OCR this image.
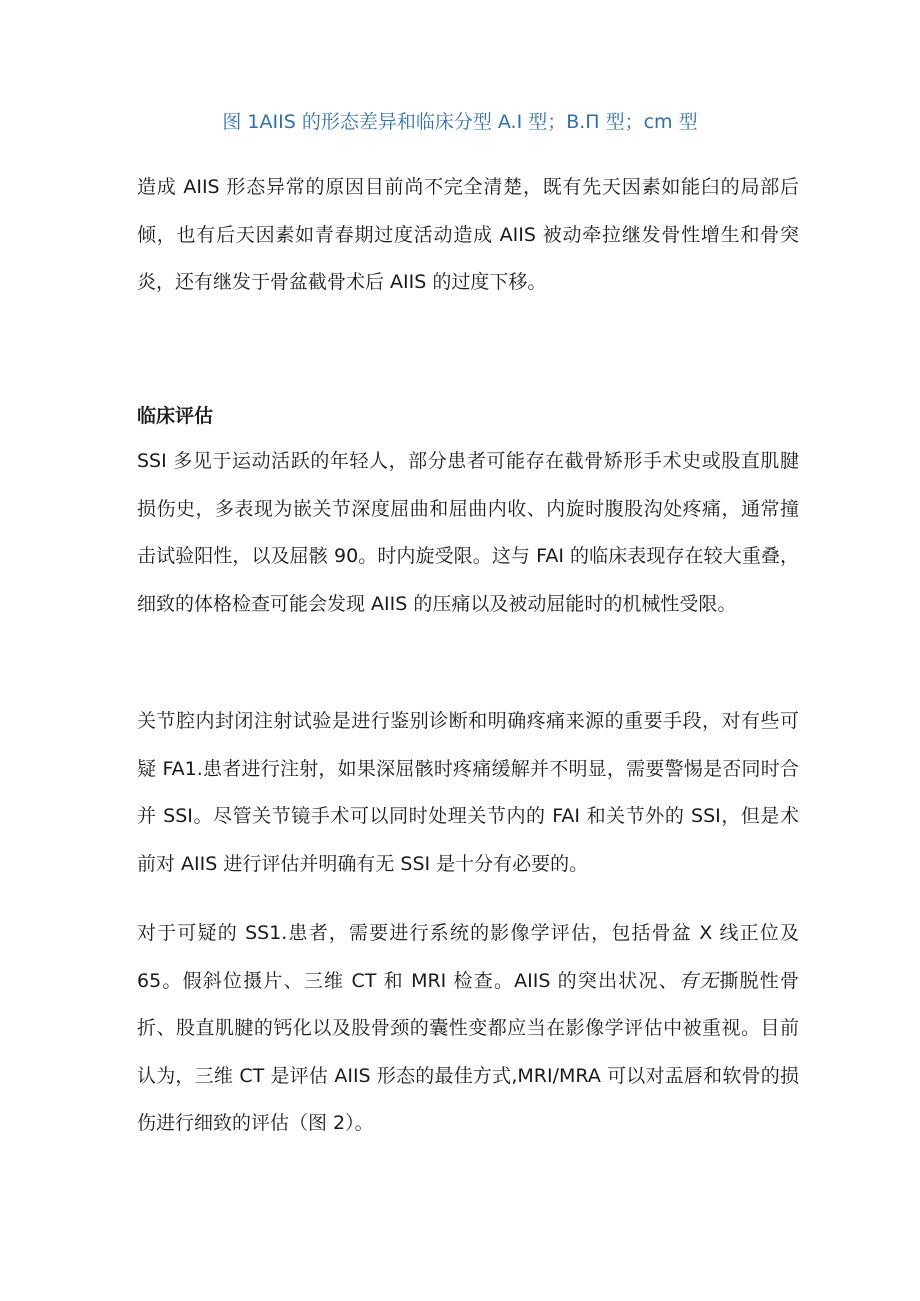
图 1AIIS 的形态差异和临床分型 A.I 型；B.Π 型；cm 型

造成 AIIS 形态异常的原因目前尚不完全清楚，既有先天因素如能臼的局部后倾，也有后天因素如青春期过度活动造成 AIIS 被动牵拉继发骨性增生和骨突炎，还有继发于骨盆截骨术后 AIIS 的过度下移。

临床评估

SSI 多见于运动活跃的年轻人，部分患者可能存在截骨矫形手术史或股直肌腱损伤史，多表现为嵌关节深度屈曲和屈曲内收、内旋时腹股沟处疼痛，通常撞击试验阳性，以及屈骸 90。时内旋受限。这与 FAI 的临床表现存在较大重叠，细致的体格检查可能会发现 AIIS 的压痛以及被动屈能时的机械性受限。

关节腔内封闭注射试验是进行鉴别诊断和明确疼痛来源的重要手段，对有些可疑 FA1.患者进行注射，如果深屈骸时疼痛缓解并不明显，需要警惕是否同时合并 SSI。尽管关节镜手术可以同时处理关节内的 FAI 和关节外的 SSI，但是术前对 AIIS 进行评估并明确有无 SSI 是十分有必要的。

对于可疑的 SS1.患者，需要进行系统的影像学评估，包括骨盆 X 线正位及 65。假斜位摄片、三维 CT 和 MRI 检查。AIIS 的突出状况、有无撕脱性骨折、股直肌腱的钙化以及股骨颈的囊性变都应当在影像学评估中被重视。目前认为，三维 CT 是评估 AIIS 形态的最佳方式,MRI∕MRA 可以对盂唇和软骨的损伤进行细致的评估（图 2）。
